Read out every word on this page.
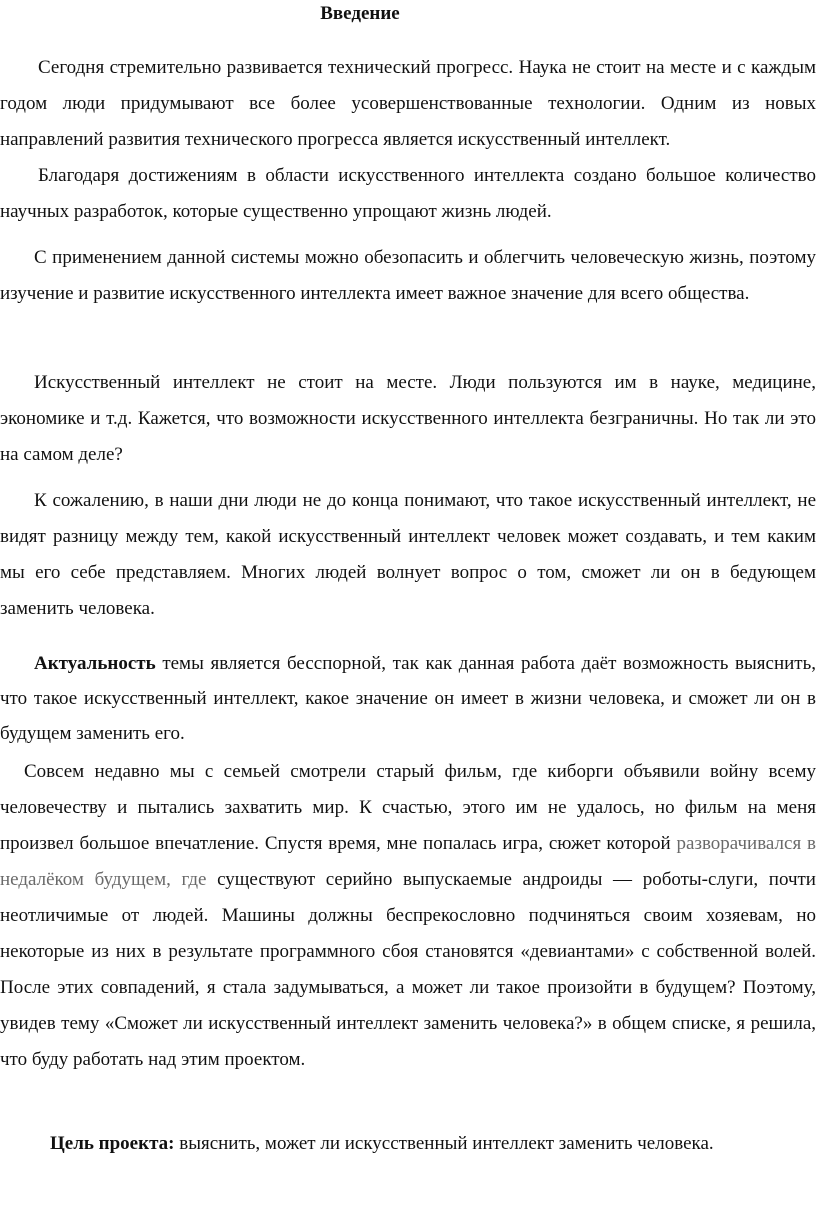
Введение

Сегодня стремительно развивается технический прогресс. Наука не стоит на месте и с каждым годом люди придумывают все более усовершенствованные технологии. Одним из новых направлений развития технического прогресса является искусственный интеллект.

Благодаря достижениям в области искусственного интеллекта создано большое количество научных разработок, которые существенно упрощают жизнь людей.

С применением данной системы можно обезопасить и облегчить человеческую жизнь, поэтому изучение и развитие искусственного интеллекта имеет важное значение для всего общества.

Искусственный интеллект не стоит на месте. Люди пользуются им в науке, медицине, экономике и т.д. Кажется, что возможности искусственного интеллекта безграничны. Но так ли это на самом деле?

К сожалению, в наши дни люди не до конца понимают, что такое искусственный интеллект, не видят разницу между тем, какой искусственный интеллект человек может создавать, и тем каким мы его себе представляем. Многих людей волнует вопрос о том, сможет ли он в бедующем заменить человека.

Актуальность темы является бесспорной, так как данная работа даёт возможность выяснить, что такое искусственный интеллект, какое значение он имеет в жизни человека, и сможет ли он в будущем заменить его.

Совсем недавно мы с семьей смотрели старый фильм, где киборги объявили войну всему человечеству и пытались захватить мир. К счастью, этого им не удалось, но фильм на меня произвел большое впечатление. Спустя время, мне попалась игра, сюжет которой разворачивался в недалёком будущем, где существуют серийно выпускаемые андроиды — роботы-слуги, почти неотличимые от людей. Машины должны беспрекословно подчиняться своим хозяевам, но некоторые из них в результате программного сбоя становятся «девиантами» с собственной волей. После этих совпадений, я стала задумываться, а может ли такое произойти в будущем? Поэтому, увидев тему «Сможет ли искусственный интеллект заменить человека?» в общем списке, я решила, что буду работать над этим проектом.

Цель проекта: выяснить, может ли искусственный интеллект заменить человека.
